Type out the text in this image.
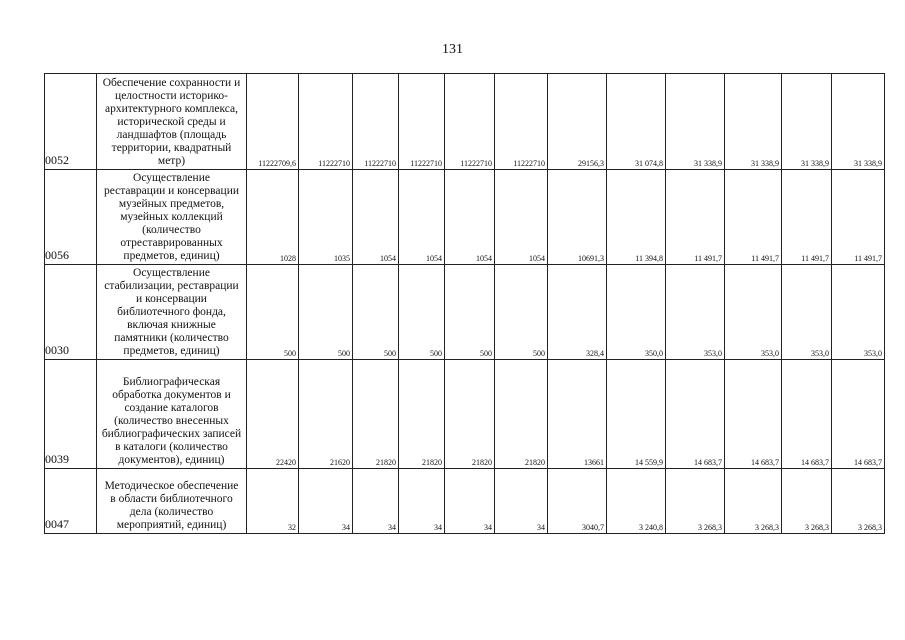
131
0052	Обеспечение сохранности и целостности историко-архитектурного комплекса, исторической среды и ландшафтов (площадь территории, квадратный метр)	11222709,6	11222710	11222710	11222710	11222710	11222710	29156,3	31 074,8	31 338,9	31 338,9	31 338,9	31 338,9
0056	Осуществление реставрации и консервации музейных предметов, музейных коллекций (количество отреставрированных предметов, единиц)	1028	1035	1054	1054	1054	1054	10691,3	11 394,8	11 491,7	11 491,7	11 491,7	11 491,7
0030	Осуществление стабилизации, реставрации и консервации библиотечного фонда, включая книжные памятники (количество предметов, единиц)	500	500	500	500	500	500	328,4	350,0	353,0	353,0	353,0	353,0
0039	Библиографическая обработка документов и создание каталогов (количество внесенных библиографических записей в каталоги (количество документов), единиц)	22420	21620	21820	21820	21820	21820	13661	14 559,9	14 683,7	14 683,7	14 683,7	14 683,7
0047	Методическое обеспечение в области библиотечного дела (количество мероприятий, единиц)	32	34	34	34	34	34	3040,7	3 240,8	3 268,3	3 268,3	3 268,3	3 268,3
